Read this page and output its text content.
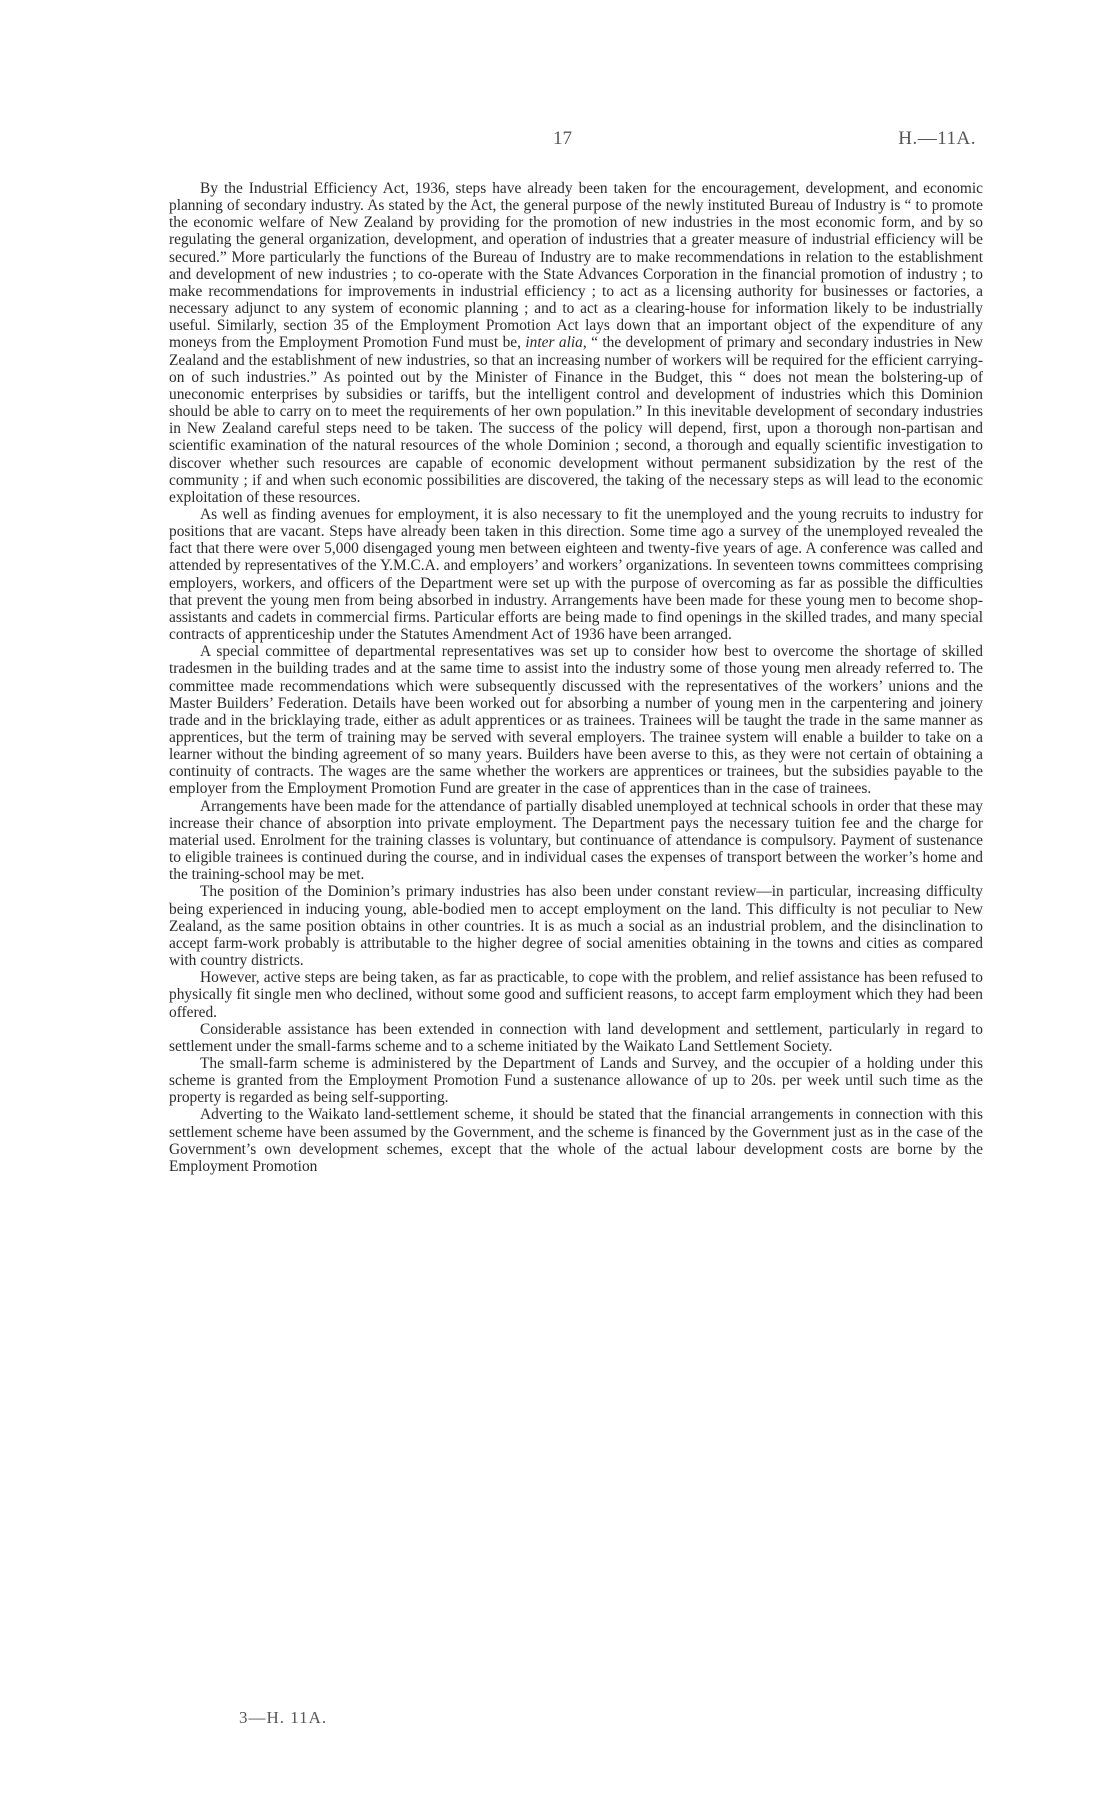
17	H.—11A.

By the Industrial Efficiency Act, 1936, steps have already been taken for the encouragement, development, and economic planning of secondary industry. As stated by the Act, the general purpose of the newly instituted Bureau of Industry is “ to promote the economic welfare of New Zealand by providing for the promotion of new industries in the most economic form, and by so regulating the general organization, development, and operation of industries that a greater measure of industrial efficiency will be secured.” More particularly the functions of the Bureau of Industry are to make recommendations in relation to the establishment and development of new industries ; to co-operate with the State Advances Corporation in the financial promotion of industry ; to make recommendations for improvements in industrial efficiency ; to act as a licensing authority for businesses or factories, a necessary adjunct to any system of economic planning ; and to act as a clearing-house for information likely to be industrially useful. Similarly, section 35 of the Employment Promotion Act lays down that an important object of the expenditure of any moneys from the Employment Promotion Fund must be, inter alia, “ the development of primary and secondary industries in New Zealand and the establishment of new industries, so that an increasing number of workers will be required for the efficient carrying-on of such industries.” As pointed out by the Minister of Finance in the Budget, this “ does not mean the bolstering-up of uneconomic enterprises by subsidies or tariffs, but the intelligent control and development of industries which this Dominion should be able to carry on to meet the requirements of her own population.” In this inevitable development of secondary industries in New Zealand careful steps need to be taken. The success of the policy will depend, first, upon a thorough non-partisan and scientific examination of the natural resources of the whole Dominion ; second, a thorough and equally scientific investigation to discover whether such resources are capable of economic development without permanent subsidization by the rest of the community ; if and when such economic possibilities are discovered, the taking of the necessary steps as will lead to the economic exploitation of these resources.

As well as finding avenues for employment, it is also necessary to fit the unemployed and the young recruits to industry for positions that are vacant. Steps have already been taken in this direction. Some time ago a survey of the unemployed revealed the fact that there were over 5,000 disengaged young men between eighteen and twenty-five years of age. A conference was called and attended by representatives of the Y.M.C.A. and employers’ and workers’ organizations. In seventeen towns committees comprising employers, workers, and officers of the Department were set up with the purpose of overcoming as far as possible the difficulties that prevent the young men from being absorbed in industry. Arrangements have been made for these young men to become shop-assistants and cadets in commercial firms. Particular efforts are being made to find openings in the skilled trades, and many special contracts of apprenticeship under the Statutes Amendment Act of 1936 have been arranged.

A special committee of departmental representatives was set up to consider how best to overcome the shortage of skilled tradesmen in the building trades and at the same time to assist into the industry some of those young men already referred to. The committee made recommendations which were subsequently discussed with the representatives of the workers’ unions and the Master Builders’ Federation. Details have been worked out for absorbing a number of young men in the carpentering and joinery trade and in the bricklaying trade, either as adult apprentices or as trainees. Trainees will be taught the trade in the same manner as apprentices, but the term of training may be served with several employers. The trainee system will enable a builder to take on a learner without the binding agreement of so many years. Builders have been averse to this, as they were not certain of obtaining a continuity of contracts. The wages are the same whether the workers are apprentices or trainees, but the subsidies payable to the employer from the Employment Promotion Fund are greater in the case of apprentices than in the case of trainees.

Arrangements have been made for the attendance of partially disabled unemployed at technical schools in order that these may increase their chance of absorption into private employment. The Department pays the necessary tuition fee and the charge for material used. Enrolment for the training classes is voluntary, but continuance of attendance is compulsory. Payment of sustenance to eligible trainees is continued during the course, and in individual cases the expenses of transport between the worker’s home and the training-school may be met.

The position of the Dominion’s primary industries has also been under constant review—in particular, increasing difficulty being experienced in inducing young, able-bodied men to accept employment on the land. This difficulty is not peculiar to New Zealand, as the same position obtains in other countries. It is as much a social as an industrial problem, and the disinclination to accept farm-work probably is attributable to the higher degree of social amenities obtaining in the towns and cities as compared with country districts.

However, active steps are being taken, as far as practicable, to cope with the problem, and relief assistance has been refused to physically fit single men who declined, without some good and sufficient reasons, to accept farm employment which they had been offered.

Considerable assistance has been extended in connection with land development and settlement, particularly in regard to settlement under the small-farms scheme and to a scheme initiated by the Waikato Land Settlement Society.

The small-farm scheme is administered by the Department of Lands and Survey, and the occupier of a holding under this scheme is granted from the Employment Promotion Fund a sustenance allowance of up to 20s. per week until such time as the property is regarded as being self-supporting.

Adverting to the Waikato land-settlement scheme, it should be stated that the financial arrangements in connection with this settlement scheme have been assumed by the Government, and the scheme is financed by the Government just as in the case of the Government’s own development schemes, except that the whole of the actual labour development costs are borne by the Employment Promotion

3—H. 11A.
